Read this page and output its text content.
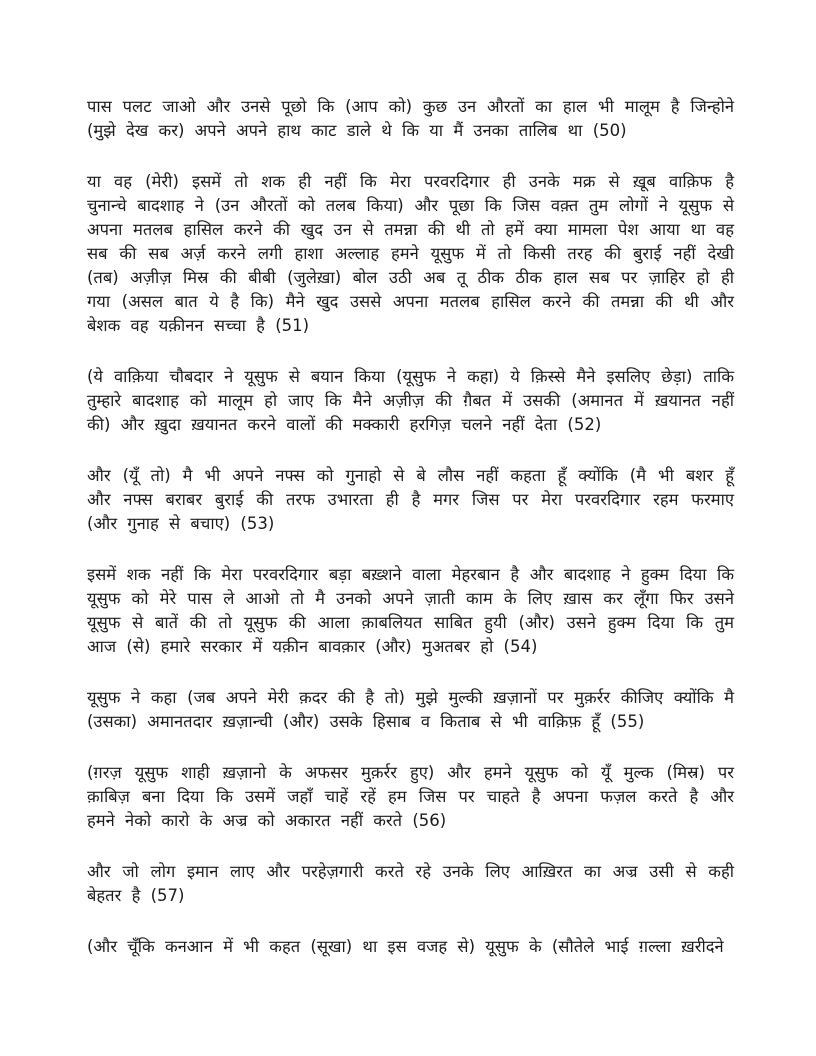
पास पलट जाओ और उनसे पूछो कि (आप को) कुछ उन औरतों का हाल भी मालूम है जिन्होने (मुझे देख कर) अपने अपने हाथ काट डाले थे कि या मैं उनका तालिब था (50)

या वह (मेरी) इसमें तो शक ही नहीं कि मेरा परवरदिगार ही उनके मक्र से ख़ूब वाक़िफ है चुनान्चे बादशाह ने (उन औरतों को तलब किया) और पूछा कि जिस वक़्त तुम लोगों ने यूसुफ से अपना मतलब हासिल करने की खुद उन से तमन्ना की थी तो हमें क्या मामला पेश आया था वह सब की सब अर्ज़ करने लगी हाशा अल्लाह हमने यूसुफ में तो किसी तरह की बुराई नहीं देखी (तब) अज़ीज़ मिस्र की बीबी (जुलेख़ा) बोल उठी अब तू ठीक ठीक हाल सब पर ज़ाहिर हो ही गया (असल बात ये है कि) मैने खुद उससे अपना मतलब हासिल करने की तमन्ना की थी और बेशक वह यक़ीनन सच्चा है (51)

(ये वाक़िया चौबदार ने यूसुफ से बयान किया (यूसुफ ने कहा) ये क़िस्से मैने इसलिए छेड़ा) ताकि तुम्हारे बादशाह को मालूम हो जाए कि मैने अज़ीज़ की ग़ैबत में उसकी (अमानत में ख़यानत नहीं की) और ख़ुदा ख़यानत करने वालों की मक्कारी हरगिज़ चलने नहीं देता (52)

और (यूँ तो) मै भी अपने नफ्स को गुनाहो से बे लौस नहीं कहता हूँ क्योंकि (मै भी बशर हूँ और नफ्स बराबर बुराई की तरफ उभारता ही है मगर जिस पर मेरा परवरदिगार रहम फरमाए (और गुनाह से बचाए) (53)

इसमें शक नहीं कि मेरा परवरदिगार बड़ा बख़्शने वाला मेहरबान है और बादशाह ने हुक्म दिया कि यूसुफ को मेरे पास ले आओ तो मै उनको अपने ज़ाती काम के लिए ख़ास कर लूँगा फिर उसने यूसुफ से बातें की तो यूसुफ की आला क़ाबलियत साबित हुयी (और) उसने हुक्म दिया कि तुम आज (से) हमारे सरकार में यक़ीन बावक़ार (और) मुअतबर हो (54)

यूसुफ ने कहा (जब अपने मेरी क़दर की है तो) मुझे मुल्की ख़ज़ानों पर मुक़र्रर कीजिए क्योंकि मै (उसका) अमानतदार ख़ज़ान्ची (और) उसके हिसाब व किताब से भी वाक़िफ़ हूँ (55)

(ग़रज़ यूसुफ शाही ख़ज़ानो के अफसर मुक़र्रर हुए) और हमने यूसुफ को यूँ मुल्क (मिस्र) पर क़ाबिज़ बना दिया कि उसमें जहाँ चाहें रहें हम जिस पर चाहते है अपना फज़ल करते है और हमने नेको कारो के अज्र को अकारत नहीं करते (56)

और जो लोग इमान लाए और परहेज़गारी करते रहे उनके लिए आख़िरत का अज्र उसी से कही बेहतर है (57)

(और चूँकि कनआन में भी कहत (सूखा) था इस वजह से) यूसुफ के (सौतेले भाई ग़ल्ला ख़रीदने
